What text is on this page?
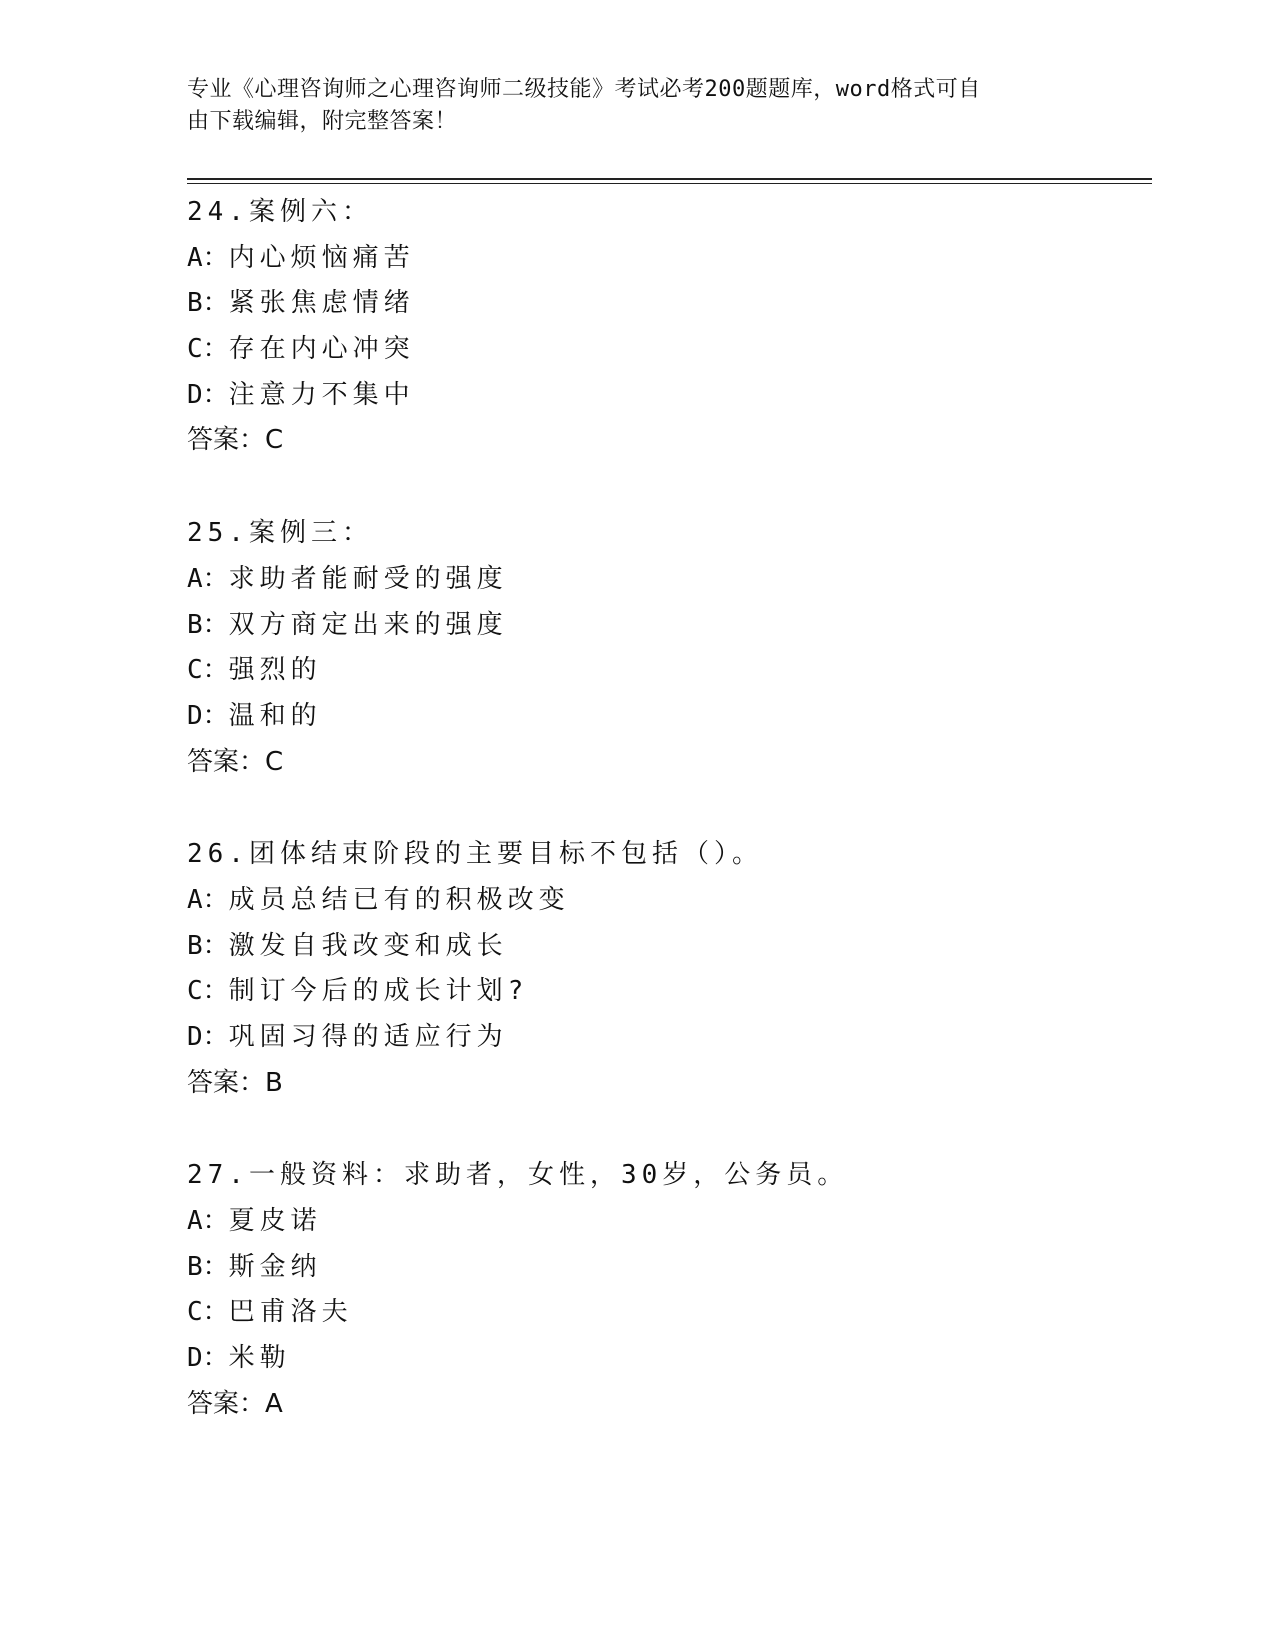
专业《心理咨询师之心理咨询师二级技能》考试必考200题题库，word格式可自
由下载编辑，附完整答案！
24.案例六：
A：内心烦恼痛苦
B：紧张焦虑情绪
C：存在内心冲突
D：注意力不集中
答案：C
25.案例三：
A：求助者能耐受的强度
B：双方商定出来的强度
C：强烈的
D：温和的
答案：C
26.团体结束阶段的主要目标不包括（）。
A：成员总结已有的积极改变
B：激发自我改变和成长
C：制订今后的成长计划?
D：巩固习得的适应行为
答案：B
27.一般资料：求助者，女性，30岁，公务员。
A：夏皮诺
B：斯金纳
C：巴甫洛夫
D：米勒
答案：A
